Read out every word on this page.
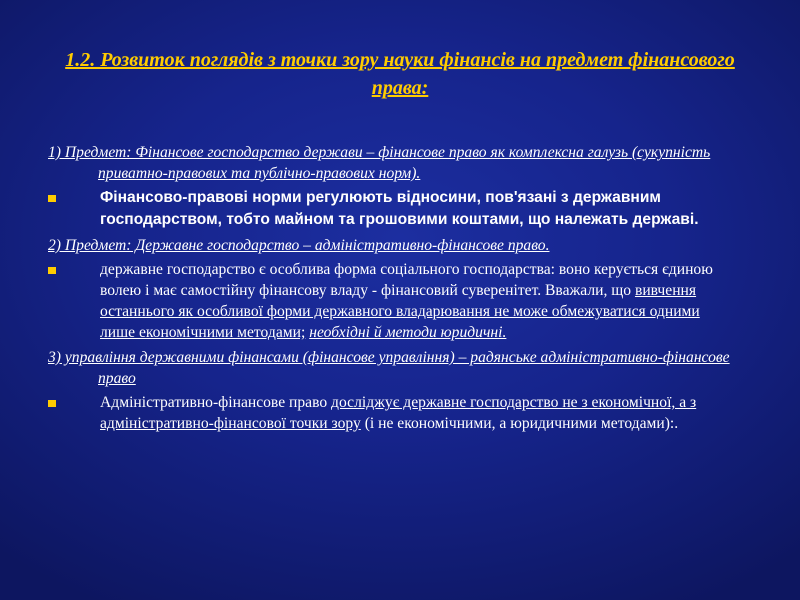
1.2. Розвиток поглядів з точки зору науки фінансів на предмет фінансового права:
1) Предмет: Фінансове господарство держави – фінансове право як комплексна галузь (сукупність приватно-правових та публічно-правових норм).
Фінансово-правові норми регулюють відносини, пов'язані з державним господарством, тобто майном та грошовими коштами, що належать державі.
2) Предмет: Державне господарство – адміністративно-фінансове право.
державне господарство є особлива форма соціального господарства: воно керується єдиною волею і має самостійну фінансову владу - фінансовий суверенітет. Вважали, що вивчення останнього як особливої форми державного владарювання не може обмежуватися одними лише економічними методами; необхідні й методи юридичні.
3) управління державними фінансами (фінансове управління) – радянське адміністративно-фінансове право
Адміністративно-фінансове право досліджує державне господарство не з економічної, а з адміністративно-фінансової точки зору (і не економічними, а юридичними методами):.
